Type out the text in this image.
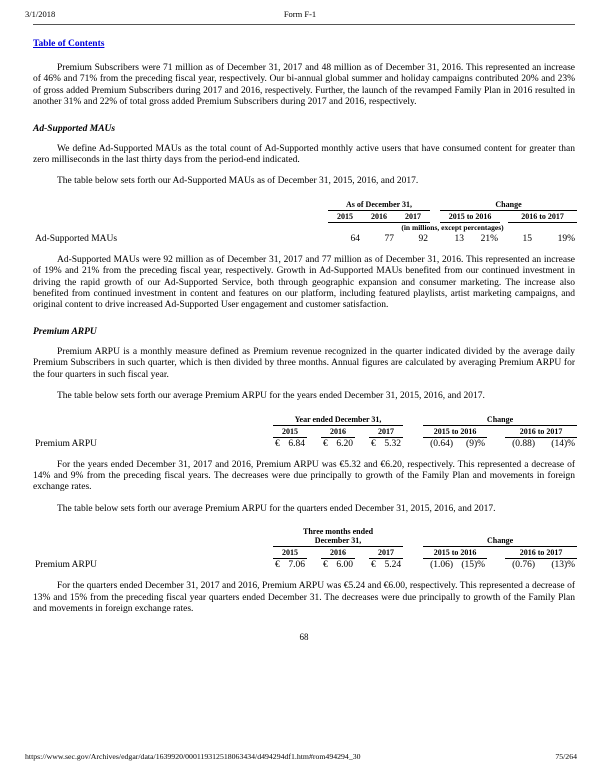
3/1/2018	Form F-1
Table of Contents

Premium Subscribers were 71 million as of December 31, 2017 and 48 million as of December 31, 2016. This represented an increase of 46% and 71% from the preceding fiscal year, respectively. Our bi-annual global summer and holiday campaigns contributed 20% and 23% of gross added Premium Subscribers during 2017 and 2016, respectively. Further, the launch of the revamped Family Plan in 2016 resulted in another 31% and 22% of total gross added Premium Subscribers during 2017 and 2016, respectively.

Ad-Supported MAUs

We define Ad-Supported MAUs as the total count of Ad-Supported monthly active users that have consumed content for greater than zero milliseconds in the last thirty days from the period-end indicated.

The table below sets forth our Ad-Supported MAUs as of December 31, 2015, 2016, and 2017.

	As of December 31,				Change				
	2015	2016	2017		2015 to 2016			2016 to 2017	
	(in millions, except percentages)								
Ad-Supported MAUs	64	77	92		13	21%		15	19%

Ad-Supported MAUs were 92 million as of December 31, 2017 and 77 million as of December 31, 2016. This represented an increase of 19% and 21% from the preceding fiscal year, respectively. Growth in Ad-Supported MAUs benefited from our continued investment in driving the rapid growth of our Ad-Supported Service, both through geographic expansion and consumer marketing. The increase also benefited from continued investment in content and features on our platform, including featured playlists, artist marketing campaigns, and original content to drive increased Ad-Supported User engagement and customer satisfaction.

Premium ARPU

Premium ARPU is a monthly measure defined as Premium revenue recognized in the quarter indicated divided by the average daily Premium Subscribers in such quarter, which is then divided by three months. Annual figures are calculated by averaging Premium ARPU for the four quarters in such fiscal year.

The table below sets forth our average Premium ARPU for the years ended December 31, 2015, 2016, and 2017.

	Year ended December 31,									Change				
	2015			2016			2017			2015 to 2016			2016 to 2017	
Premium ARPU	€	6.84		€	6.20		€	5.32		(0.64)	(9)%		(0.88)	(14)%

For the years ended December 31, 2017 and 2016, Premium ARPU was €5.32 and €6.20, respectively. This represented a decrease of 14% and 9% from the preceding fiscal years. The decreases were due principally to growth of the Family Plan and movements in foreign exchange rates.

The table below sets forth our average Premium ARPU for the quarters ended December 31, 2015, 2016, and 2017.

	Three months ended
December 31,									Change				
	2015			2016			2017			2015 to 2016			2016 to 2017	
Premium ARPU	€	7.06		€	6.00		€	5.24		(1.06)	(15)%		(0.76)	(13)%

For the quarters ended December 31, 2017 and 2016, Premium ARPU was €5.24 and €6.00, respectively. This represented a decrease of 13% and 15% from the preceding fiscal year quarters ended December 31. The decreases were due principally to growth of the Family Plan and movements in foreign exchange rates.

68
https://www.sec.gov/Archives/edgar/data/1639920/000119312518063434/d494294df1.htm#rom494294_30	75/264
